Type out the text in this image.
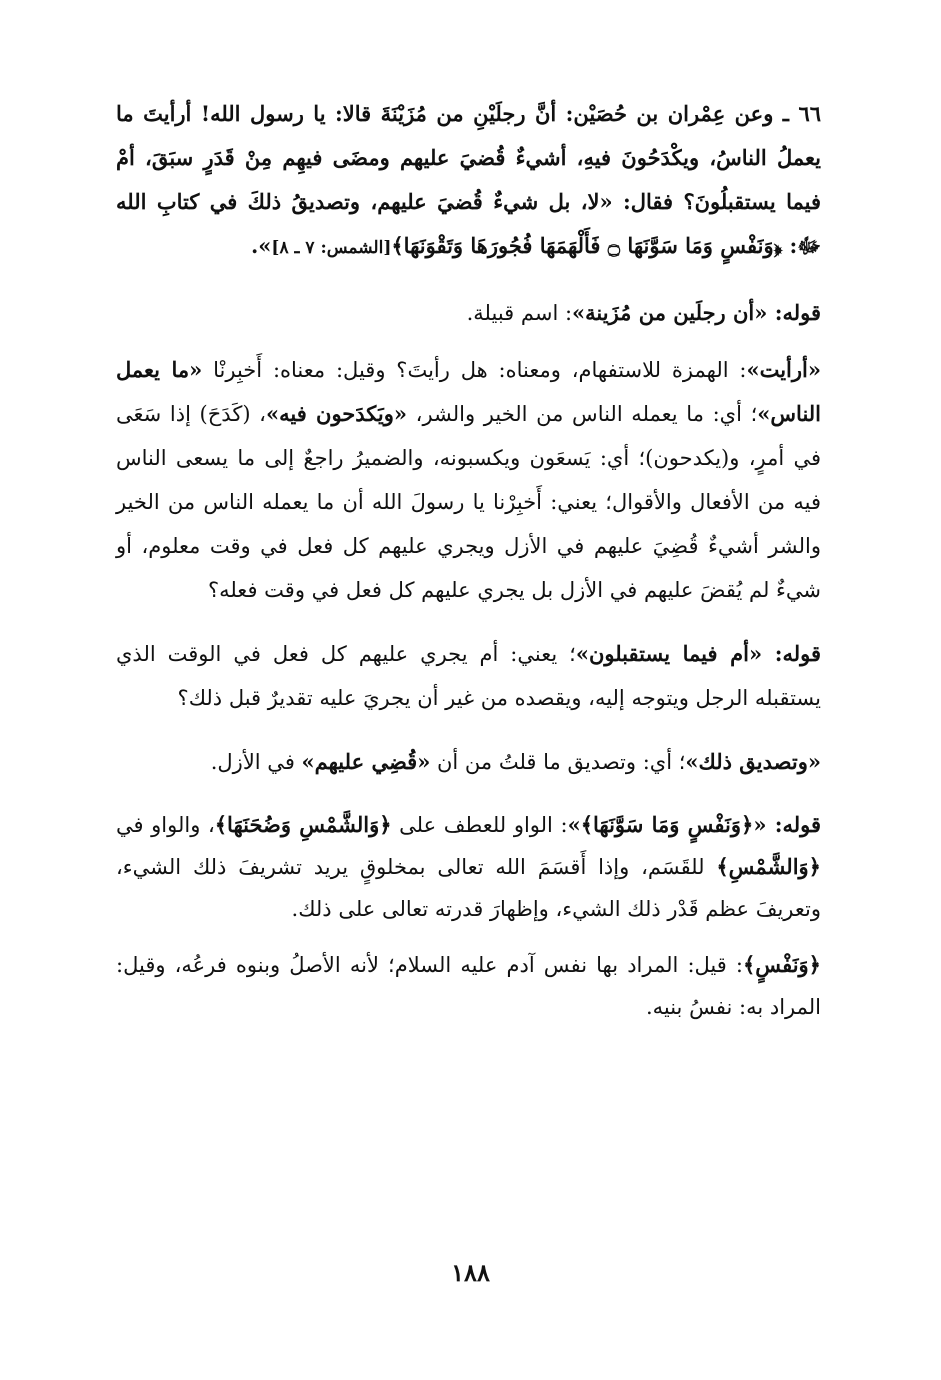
٦٦ ـ وعن عِمْران بن حُصَيْن: أنَّ رجلَيْنِ من مُزَيْنَةَ قالا: يا رسول الله! أرأيتَ ما يعملُ الناسُ، ويكْدَحُونَ فيهِ، أشيءٌ قُضيَ عليهم ومضَى فيهِم مِنْ قَدَرٍ سبَقَ، أمْ فيما يستقبلُونَ؟ فقال: «لا، بل شيءٌ قُضيَ عليهم، وتصديقُ ذلكَ في كتابِ الله ﷻ: ﴿وَنَفْسٍ وَمَا سَوَّنَهَا ۝ فَأَلْهَمَهَا فُجُورَهَا وَتَقْوَنَهَا﴾[الشمس: ٧ ـ ٨]».

قوله: «أن رجلَين من مُزَينة»: اسم قبيلة.

«أرأيت»: الهمزة للاستفهام، ومعناه: هل رأيتَ؟ وقيل: معناه: أَخبِرنْا «ما يعمل الناس»؛ أي: ما يعمله الناس من الخير والشر، «ويَكدَحون فيه»، (كَدَحَ) إذا سَعَى في أمرٍ، و(يكدحون)؛ أي: يَسعَون ويكسبونه، والضميرُ راجعٌ إلى ما يسعى الناس فيه من الأفعال والأقوال؛ يعني: أَخبِرْنا يا رسولَ الله أن ما يعمله الناس من الخير والشر أشيءٌ قُضِيَ عليهم في الأزل ويجري عليهم كل فعل في وقت معلوم، أو شيءٌ لم يُقضَ عليهم في الأزل بل يجري عليهم كل فعل في وقت فعله؟

قوله: «أم فيما يستقبلون»؛ يعني: أم يجري عليهم كل فعل في الوقت الذي يستقبله الرجل ويتوجه إليه، ويقصده من غير أن يجريَ عليه تقديرٌ قبل ذلك؟

«وتصديق ذلك»؛ أي: وتصديق ما قلتُ من أن «قُضِي عليهم» في الأزل.

قوله: «﴿وَنَفْسٍ وَمَا سَوَّنَهَا﴾»: الواو للعطف على ﴿وَالشَّمْسِ وَضُحَنَهَا﴾، والواو في ﴿وَالشَّمْسِ﴾ للقَسَم، وإذا أَقسَمَ الله تعالى بمخلوقٍ يريد تشريفَ ذلك الشيء، وتعريفَ عظم قَدْر ذلك الشيء، وإظهارَ قدرته تعالى على ذلك.

﴿وَنَفْسٍ﴾: قيل: المراد بها نفس آدم عليه السلام؛ لأنه الأصلُ وبنوه فرعُه، وقيل: المراد به: نفسُ بنيه.

١٨٨
